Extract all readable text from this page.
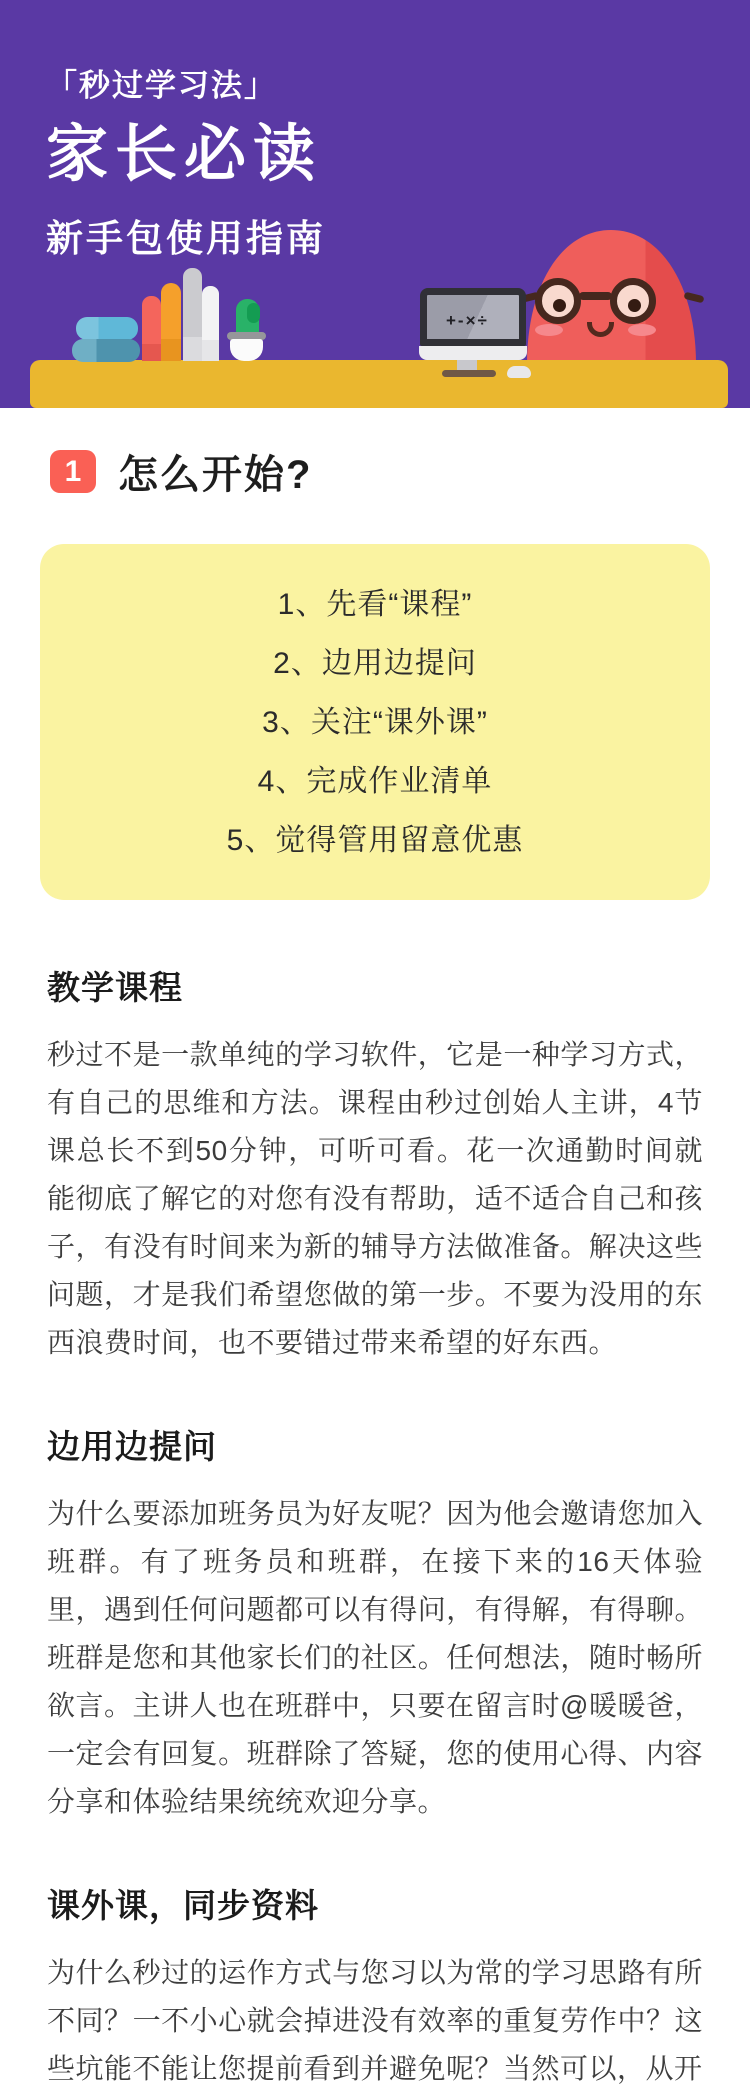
「秒过学习法」
家长必读
新手包使用指南
+-×÷
1 怎么开始?
1、先看“课程”
2、边用边提问
3、关注“课外课”
4、完成作业清单
5、觉得管用留意优惠
教学课程

秒过不是一款单纯的学习软件，它是一种学习方式，有自己的思维和方法。课程由秒过创始人主讲，4节课总长不到50分钟，可听可看。花一次通勤时间就能彻底了解它的对您有没有帮助，适不适合自己和孩子，有没有时间来为新的辅导方法做准备。解决这些问题，才是我们希望您做的第一步。不要为没用的东西浪费时间，也不要错过带来希望的好东西。

边用边提问

为什么要添加班务员为好友呢？因为他会邀请您加入班群。有了班务员和班群，在接下来的16天体验里，遇到任何问题都可以有得问，有得解，有得聊。班群是您和其他家长们的社区。任何想法，随时畅所欲言。主讲人也在班群中，只要在留言时@暖暖爸，一定会有回复。班群除了答疑，您的使用心得、内容分享和体验结果统统欢迎分享。

课外课，同步资料

为什么秒过的运作方式与您习以为常的学习思路有所不同？一不小心就会掉进没有效率的重复劳作中？这些坑能不能让您提前看到并避免呢？当然可以，从开
